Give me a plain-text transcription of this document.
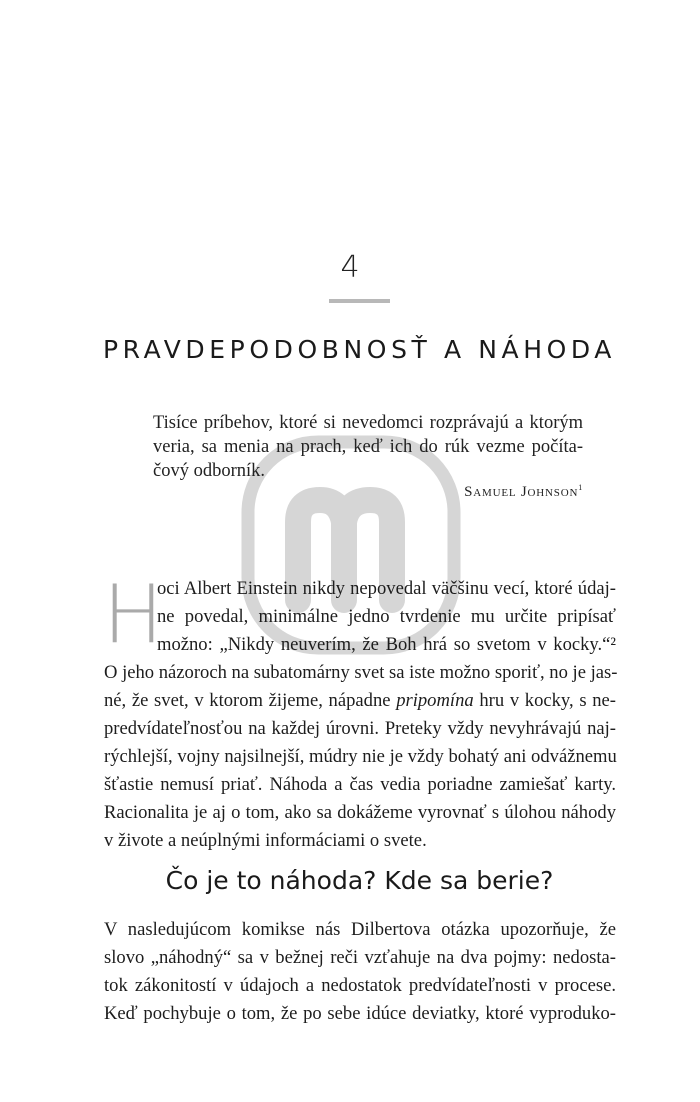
4
PRAVDEPODOBNOSŤ A NÁHODA
Tisíce príbehov, ktoré si nevedomci rozprávajú a ktorým
veria, sa menia na prach, keď ich do rúk vezme počíta-
čový odborník.
Samuel Johnson$^1$
H
oci Albert Einstein nikdy nepovedal väčšinu vecí, ktoré údaj-
ne povedal, minimálne jedno tvrdenie mu určite pripísať
možno: „Nikdy neuverím, že Boh hrá so svetom v kocky.“²
O jeho názoroch na subatomárny svet sa iste možno sporiť, no je jas-
né, že svet, v ktorom žijeme, nápadne pripomína hru v kocky, s ne-
predvídateľnosťou na každej úrovni. Preteky vždy nevyhrávajú naj-
rýchlejší, vojny najsilnejší, múdry nie je vždy bohatý ani odvážnemu
šťastie nemusí priať. Náhoda a čas vedia poriadne zamiešať karty.
Racionalita je aj o tom, ako sa dokážeme vyrovnať s úlohou náhody
v živote a neúplnými informáciami o svete.
Čo je to náhoda? Kde sa berie?
V nasledujúcom komikse nás Dilbertova otázka upozorňuje, že
slovo „náhodný“ sa v bežnej reči vzťahuje na dva pojmy: nedosta-
tok zákonitostí v údajoch a nedostatok predvídateľnosti v procese.
Keď pochybuje o tom, že po sebe idúce deviatky, ktoré vyproduko-
